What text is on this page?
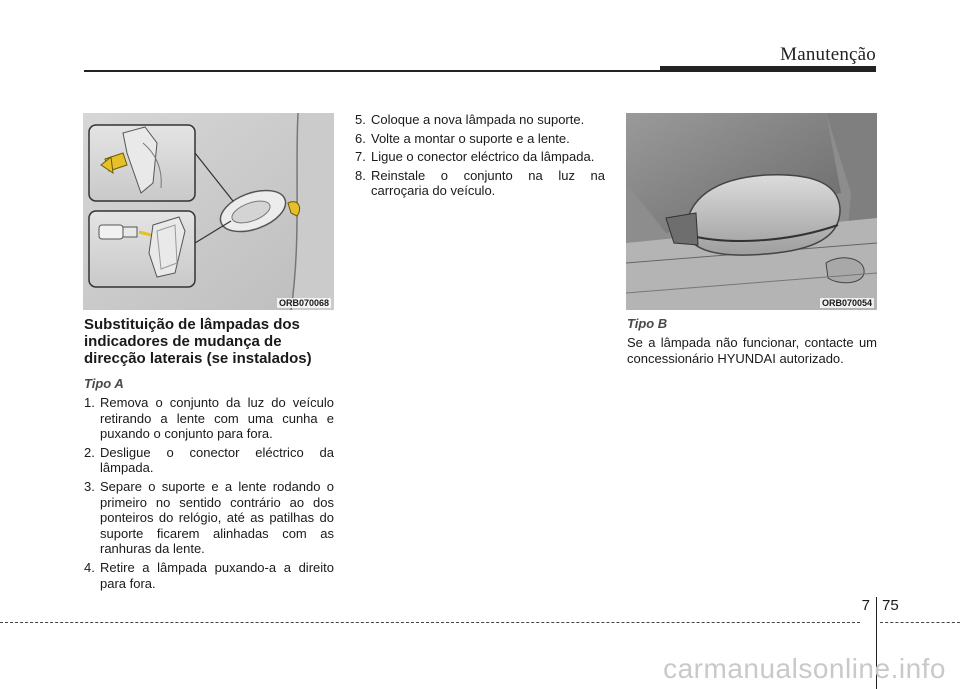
Manutenção
ORB070068	ORB070054
Substituição de lâmpadas dos indicadores de mudança de direcção laterais (se instalados)
Tipo A
1. Remova o conjunto da luz do veículo retirando a lente com uma cunha e puxando o conjunto para fora.
2. Desligue o conector eléctrico da lâmpada.
3. Separe o suporte e a lente rodando o primeiro no sentido contrário ao dos ponteiros do relógio, até as patilhas do suporte ficarem alinhadas com as ranhuras da lente.
4. Retire a lâmpada puxando-a a direito para fora.
5. Coloque a nova lâmpada no suporte.
6. Volte a montar o suporte e a lente.
7. Ligue o conector eléctrico da lâmpada.
8. Reinstale o conjunto na luz na carroçaria do veículo.
Tipo B

Se a lâmpada não funcionar, contacte um concessionário HYUNDAI autorizado.

7 75
carmanualsonline.info
